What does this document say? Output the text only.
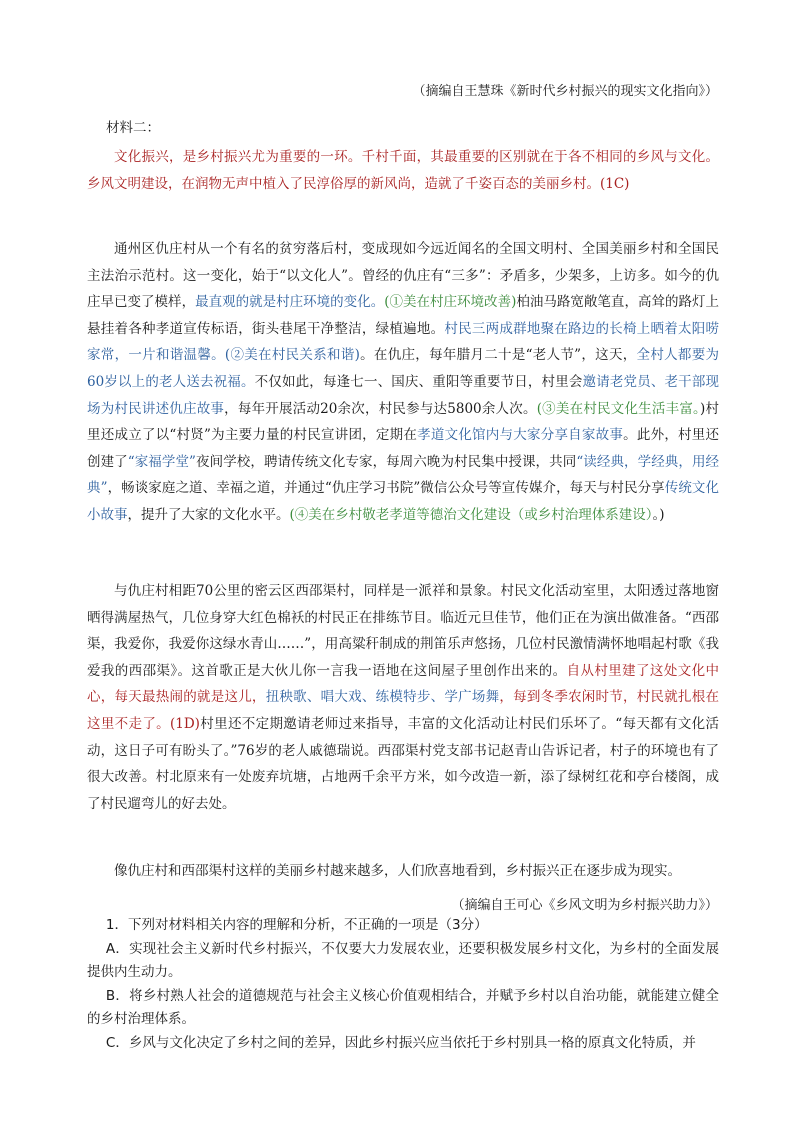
（摘编自王慧珠《新时代乡村振兴的现实文化指向》）
材料二：

文化振兴，是乡村振兴尤为重要的一环。千村千面，其最重要的区别就在于各不相同的乡风与文化。乡风文明建设，在润物无声中植入了民淳俗厚的新风尚，造就了千姿百态的美丽乡村。(1C)

通州区仇庄村从一个有名的贫穷落后村，变成现如今远近闻名的全国文明村、全国美丽乡村和全国民主法治示范村。这一变化，始于“以文化人”。曾经的仇庄有“三多”：矛盾多，少架多，上访多。如今的仇庄早已变了模样，最直观的就是村庄环境的变化。(①美在村庄环境改善)柏油马路宽敞笔直，高耸的路灯上悬挂着各种孝道宣传标语，街头巷尾干净整洁，绿植遍地。村民三两成群地聚在路边的长椅上晒着太阳唠家常，一片和谐温馨。(②美在村民关系和谐)。在仇庄，每年腊月二十是“老人节”，这天，全村人都要为60岁以上的老人送去祝福。不仅如此，每逢七一、国庆、重阳等重要节日，村里会邀请老党员、老干部现场为村民讲述仇庄故事，每年开展活动20余次，村民参与达5800余人次。(③美在村民文化生活丰富。)村里还成立了以“村贤”为主要力量的村民宣讲团，定期在孝道文化馆内与大家分享自家故事。此外，村里还创建了“家福学堂”夜间学校，聘请传统文化专家，每周六晚为村民集中授课，共同“读经典，学经典，用经典”，畅谈家庭之道、幸福之道，并通过“仇庄学习书院”微信公众号等宣传媒介，每天与村民分享传统文化小故事，提升了大家的文化水平。(④美在乡村敬老孝道等德治文化建设（或乡村治理体系建设）。)

与仇庄村相距70公里的密云区西邵渠村，同样是一派祥和景象。村民文化活动室里，太阳透过落地窗晒得满屋热气，几位身穿大红色棉袄的村民正在排练节目。临近元旦佳节，他们正在为演出做准备。“西邵渠，我爱你，我爱你这绿水青山……”，用高粱秆制成的荆笛乐声悠扬，几位村民激情满怀地唱起村歌《我爱我的西邵渠》。这首歌正是大伙儿你一言我一语地在这间屋子里创作出来的。自从村里建了这处文化中心，每天最热闹的就是这儿，扭秧歌、唱大戏、练模特步、学广场舞，每到冬季农闲时节，村民就扎根在这里不走了。(1D)村里还不定期邀请老师过来指导，丰富的文化活动让村民们乐坏了。“每天都有文化活动，这日子可有盼头了。”76岁的老人戚德瑞说。西邵渠村党支部书记赵青山告诉记者，村子的环境也有了很大改善。村北原来有一处废弃坑塘，占地两千余平方米，如今改造一新，添了绿树红花和亭台楼阁，成了村民遛弯儿的好去处。

像仇庄村和西邵渠村这样的美丽乡村越来越多，人们欣喜地看到，乡村振兴正在逐步成为现实。

（摘编自王可心《乡风文明为乡村振兴助力》）

1．下列对材料相关内容的理解和分析，不正确的一项是（3分）

A．实现社会主义新时代乡村振兴，不仅要大力发展农业，还要积极发展乡村文化，为乡村的全面发展提供内生动力。

B．将乡村熟人社会的道德规范与社会主义核心价值观相结合，并赋予乡村以自治功能，就能建立健全的乡村治理体系。

C．乡风与文化决定了乡村之间的差异，因此乡村振兴应当依托于乡村别具一格的原真文化特质，并
